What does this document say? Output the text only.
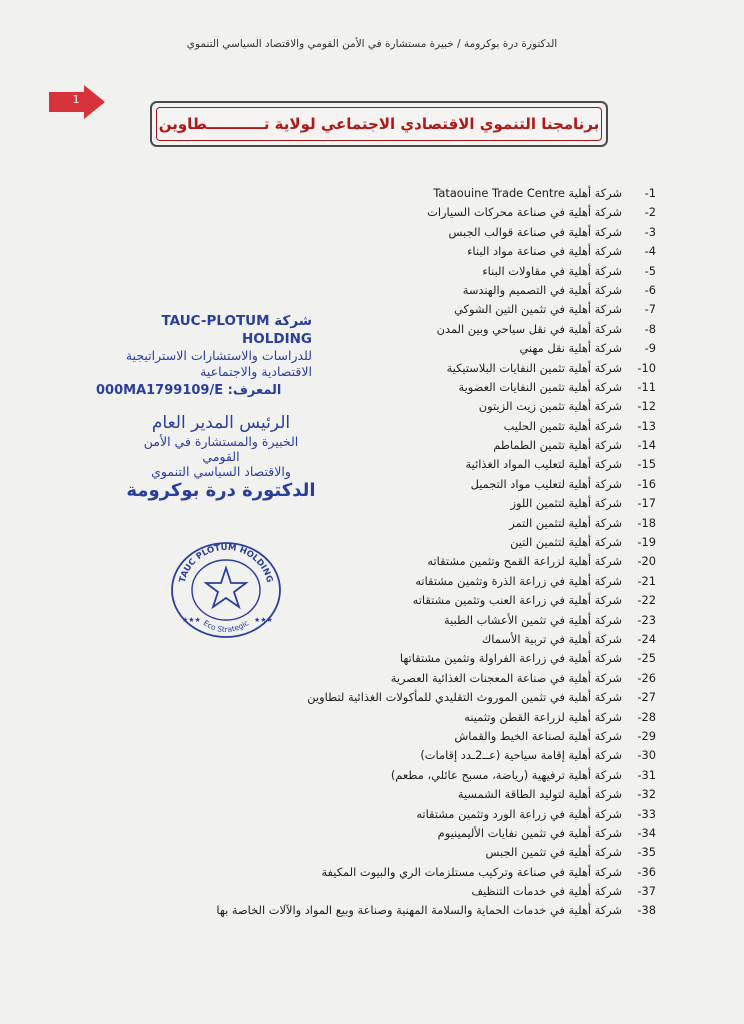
الدكتورة درة بوكرومة / خبيرة مستشارة في الأمن القومي والاقتصاد السياسي التنموي
1
برنامجنا التنموي الاقتصادي الاجتماعي لولاية تـــــــــــطاوين
-1
شركة أهلية Tataouine Trade Centre
-2
شركة أهلية في صناعة محركات السيارات
-3
شركة أهلية في صناعة قوالب الجبس
-4
شركة أهلية في صناعة مواد البناء
-5
شركة أهلية في مقاولات البناء
-6
شركة أهلية في التصميم والهندسة
-7
شركة أهلية في تثمين التين الشوكي
-8
شركة أهلية في نقل سياحي وبين المدن
-9
شركة أهلية نقل مهني
-10
شركة أهلية تثمين النفايات البلاستيكية
-11
شركة أهلية تثمين النفايات العضوية
-12
شركة أهلية تثمين زيت الزيتون
-13
شركة أهلية تثمين الحليب
-14
شركة أهلية تثمين الطماطم
-15
شركة أهلية لتعليب المواد الغذائية
-16
شركة أهلية لتعليب مواد التجميل
-17
شركة أهلية لتثمين اللوز
-18
شركة أهلية لتثمين التمر
-19
شركة أهلية لتثمين التين
-20
شركة أهلية لزراعة القمح وتثمين مشتقاته
-21
شركة أهلية في زراعة الذرة وتثمين مشتقاته
-22
شركة أهلية في زراعة العنب وتثمين مشتقاته
-23
شركة أهلية في تثمين الأعشاب الطبية
-24
شركة أهلية في تربية الأسماك
-25
شركة أهلية في زراعة الفراولة وتثمين مشتقاتها
-26
شركة أهلية في صناعة المعجنات الغذائية العصرية
-27
شركة أهلية في تثمين الموروث التقليدي للمأكولات الغذائية لتطاوين
-28
شركة أهلية لزراعة القطن وتثمينه
-29
شركة أهلية لصناعة الخيط والقماش
-30
شركة أهلية إقامة سياحية (عــ2ـدد إقامات)
-31
شركة أهلية ترفيهية (رياضة، مسبح عائلي، مطعم)
-32
شركة أهلية لتوليد الطاقة الشمسية
-33
شركة أهلية في زراعة الورد وتثمين مشتقاته
-34
شركة أهلية في تثمين نفايات الأليمينيوم
-35
شركة أهلية في تثمين الجبس
-36
شركة أهلية في صناعة وتركيب مستلزمات الري والبيوت المكيفة
-37
شركة أهلية في خدمات التنظيف
-38
شركة أهلية في خدمات الحماية والسلامة المهنية وصناعة وبيع المواد والآلات الخاصة بها
شركة TAUC-PLOTUM HOLDING
للدراسات والاستشارات الاستراتيجية
الاقتصادية والاجتماعية
000MA1799109/E :المعرف
الرئيس المدير العام
الخبيرة والمستشارة في الأمن القومي
والاقتصاد السياسي التنموي
الدكتورة درة بوكرومة
TAUC PLOTUM HOLDING
Eco Strategic
★★★	★★★
